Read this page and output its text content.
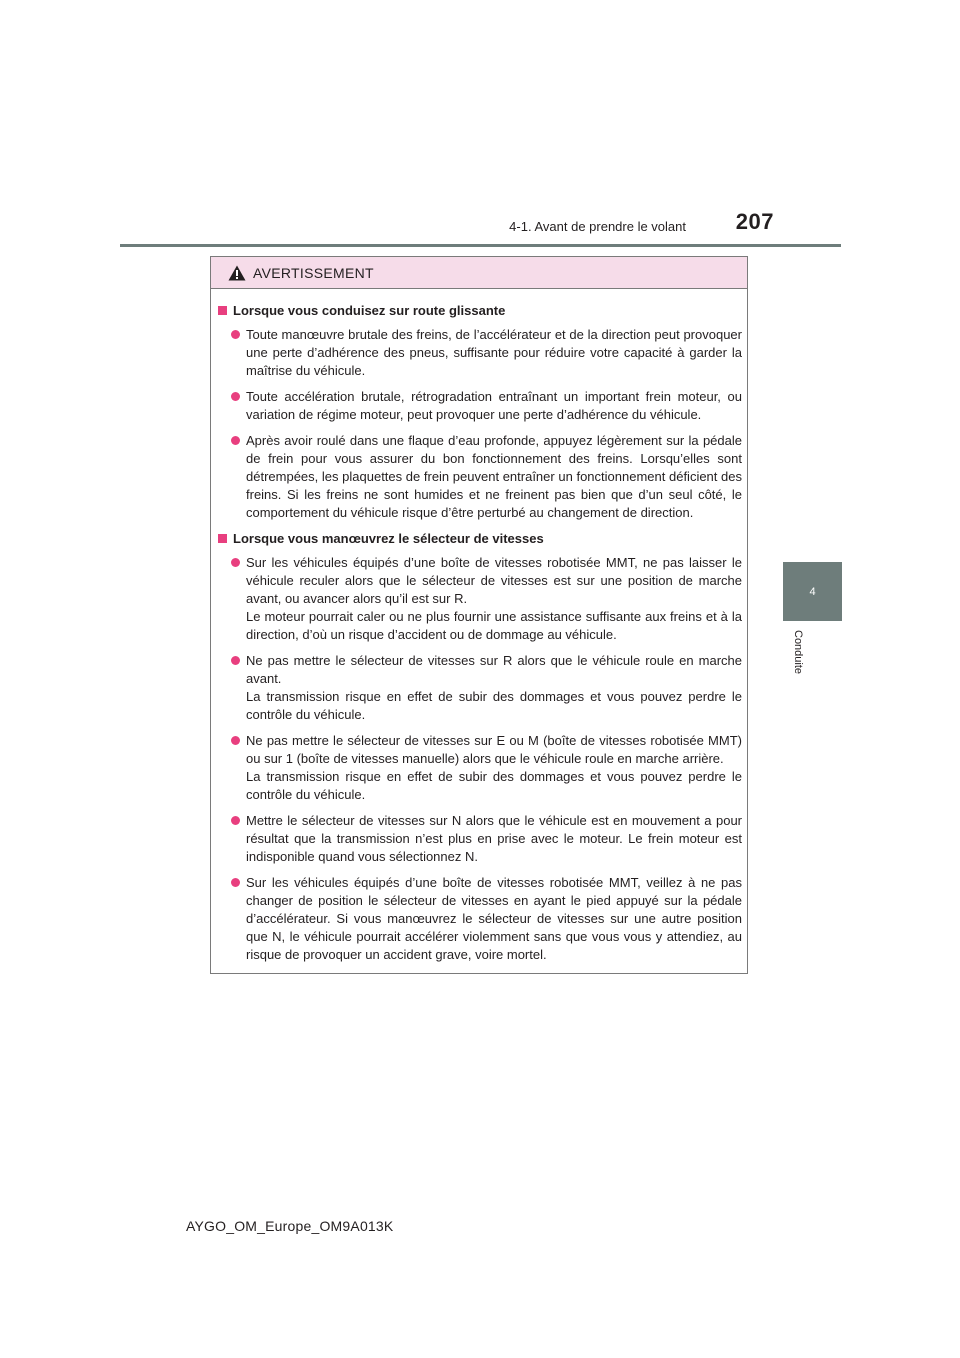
4-1. Avant de prendre le volant	207
4
Conduite
AVERTISSEMENT
Lorsque vous conduisez sur route glissante
Toute manœuvre brutale des freins, de l’accélérateur et de la direction peut provoquer une perte d’adhérence des pneus, suffisante pour réduire votre capacité à garder la maîtrise du véhicule.
Toute accélération brutale, rétrogradation entraînant un important frein moteur, ou variation de régime moteur, peut provoquer une perte d’adhérence du véhicule.
Après avoir roulé dans une flaque d’eau profonde, appuyez légèrement sur la pédale de frein pour vous assurer du bon fonctionnement des freins. Lorsqu’elles sont détrempées, les plaquettes de frein peuvent entraîner un fonctionnement déficient des freins. Si les freins ne sont humides et ne freinent pas bien que d’un seul côté, le comportement du véhicule risque d’être perturbé au changement de direction.
Lorsque vous manœuvrez le sélecteur de vitesses
Sur les véhicules équipés d’une boîte de vitesses robotisée MMT, ne pas laisser le véhicule reculer alors que le sélecteur de vitesses est sur une position de marche avant, ou avancer alors qu’il est sur R.
Le moteur pourrait caler ou ne plus fournir une assistance suffisante aux freins et à la direction, d’où un risque d’accident ou de dommage au véhicule.
Ne pas mettre le sélecteur de vitesses sur R alors que le véhicule roule en marche avant.
La transmission risque en effet de subir des dommages et vous pouvez perdre le contrôle du véhicule.
Ne pas mettre le sélecteur de vitesses sur E ou M (boîte de vitesses robotisée MMT) ou sur 1 (boîte de vitesses manuelle) alors que le véhicule roule en marche arrière.
La transmission risque en effet de subir des dommages et vous pouvez perdre le contrôle du véhicule.
Mettre le sélecteur de vitesses sur N alors que le véhicule est en mouvement a pour résultat que la transmission n’est plus en prise avec le moteur. Le frein moteur est indisponible quand vous sélectionnez N.
Sur les véhicules équipés d’une boîte de vitesses robotisée MMT, veillez à ne pas changer de position le sélecteur de vitesses en ayant le pied appuyé sur la pédale d’accélérateur. Si vous manœuvrez le sélecteur de vitesses sur une autre position que N, le véhicule pourrait accélérer violemment sans que vous vous y attendiez, au risque de provoquer un accident grave, voire mortel.
AYGO_OM_Europe_OM9A013K
